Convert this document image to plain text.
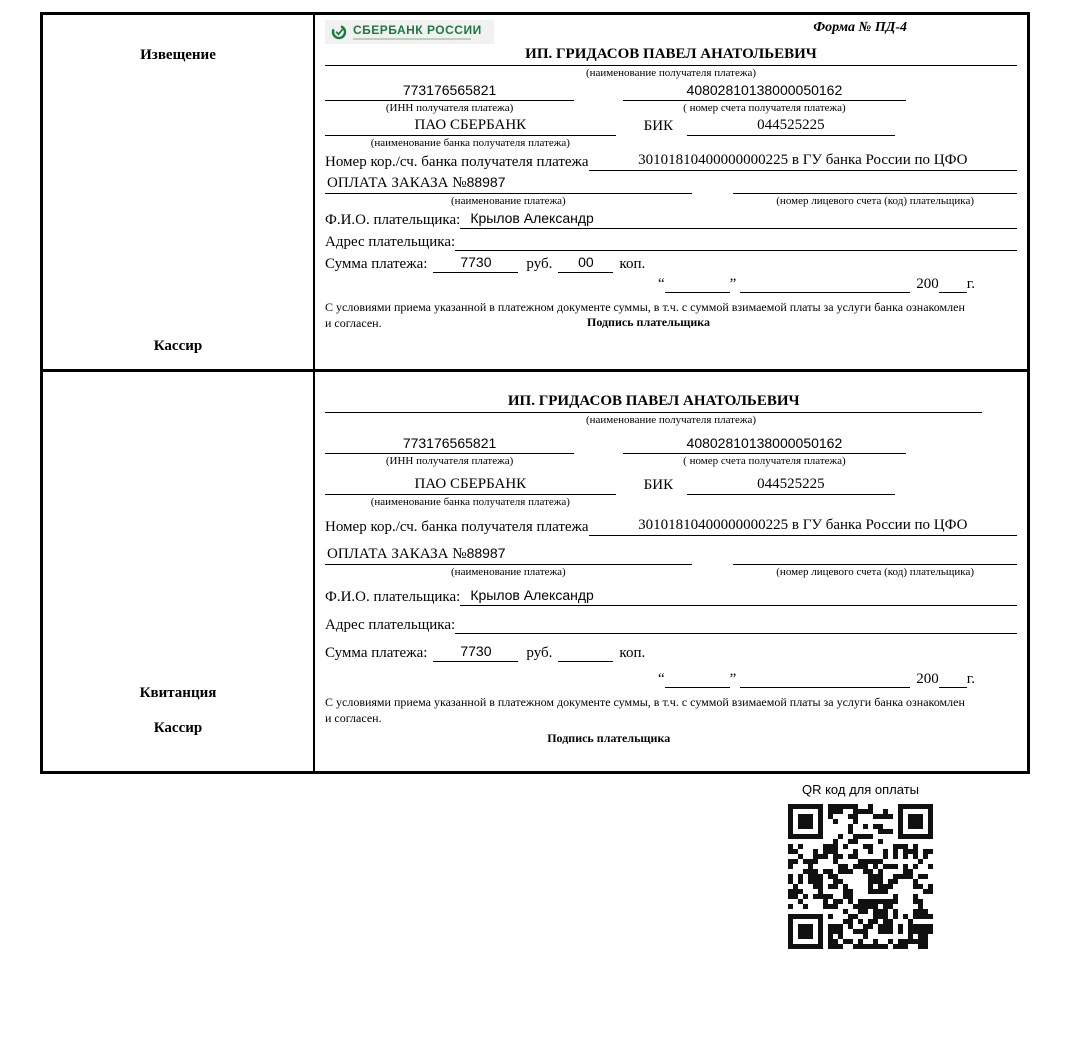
Извещение
Кассир
СБЕРБАНК РОССИИ	Форма № ПД-4
ИП. ГРИДАСОВ ПАВЕЛ АНАТОЛЬЕВИЧ
(наименование получателя платежа)
773176565821
(ИНН получателя платежа)
40802810138000050162
( номер счета получателя платежа)
ПАО СБЕРБАНК
(наименование банка получателя платежа)
БИК	044525225
Номер кор./сч. банка получателя платежа	30101810400000000225 в ГУ банка России по ЦФО
ОПЛАТА ЗАКАЗА №88987
(наименование платежа)	(номер лицевого счета (код) плательщика)
Ф.И.О. плательщика: Крылов Александр
Адрес плательщика:
Сумма платежа:	7730	руб.	00	коп.
“	”	200 г.
С условиями приема указанной в платежном документе суммы, в т.ч. с суммой взимаемой платы за услуги банка ознакомлен и согласен.	Подпись плательщика
Квитанция
Кассир
ИП. ГРИДАСОВ ПАВЕЛ АНАТОЛЬЕВИЧ
(наименование получателя платежа)
773176565821
(ИНН получателя платежа)
40802810138000050162
( номер счета получателя платежа)
ПАО СБЕРБАНК
(наименование банка получателя платежа)
БИК	044525225
Номер кор./сч. банка получателя платежа	30101810400000000225 в ГУ банка России по ЦФО
ОПЛАТА ЗАКАЗА №88987
(наименование платежа)	(номер лицевого счета (код) плательщика)
Ф.И.О. плательщика: Крылов Александр
Адрес плательщика:
Сумма платежа:	7730	руб.	коп.
“	”	200 г.
С условиями приема указанной в платежном документе суммы, в т.ч. с суммой взимаемой платы за услуги банка ознакомлен и согласен.
Подпись плательщика
QR код для оплаты
